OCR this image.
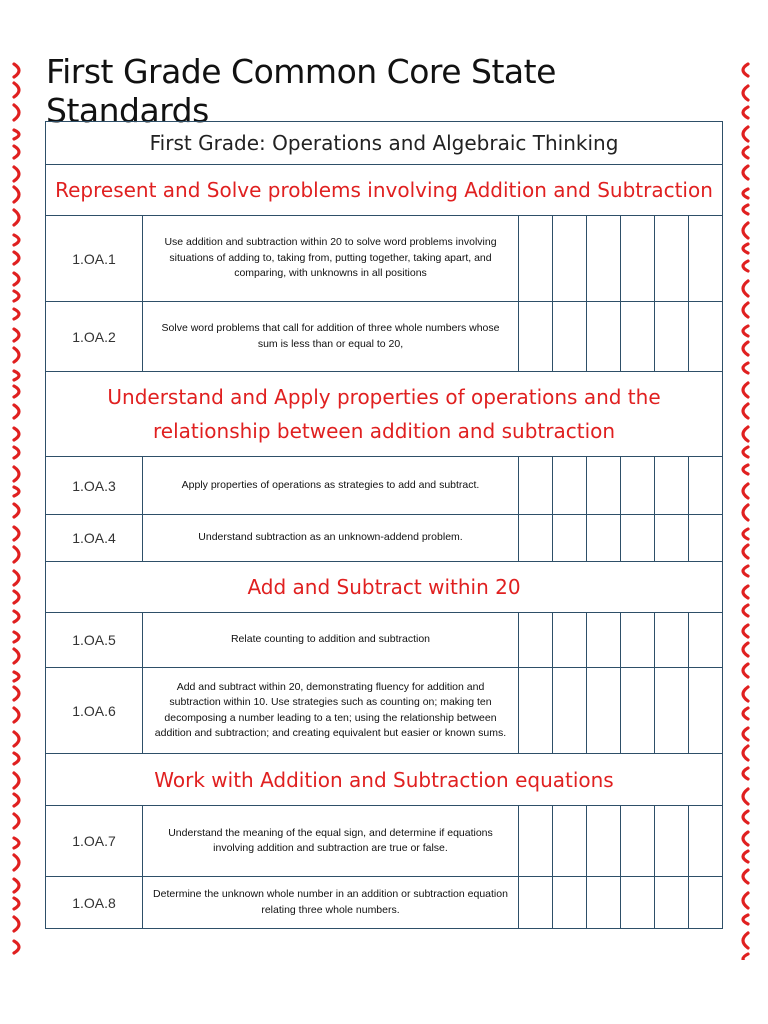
First Grade Common Core State Standards
First Grade: Operations and Algebraic Thinking							
Represent and Solve problems involving Addition and Subtraction							
1.OA.1	Use addition and subtraction within 20 to solve word problems involving situations of adding to, taking from, putting together, taking apart, and comparing, with unknowns in all positions						
1.OA.2	Solve word problems that call for addition of three whole numbers whose sum is less than or equal to 20,						
Understand and Apply properties of operations and the relationship between addition and subtraction							
1.OA.3	Apply properties of operations as strategies to add and subtract.						
1.OA.4	Understand subtraction as an unknown-addend problem.						
Add and Subtract within 20							
1.OA.5	Relate counting to addition and subtraction						
1.OA.6	Add and subtract within 20, demonstrating fluency for addition and subtraction within 10. Use strategies such as counting on; making ten decomposing a number leading to a ten; using the relationship between addition and subtraction; and creating equivalent but easier or known sums.						
Work with Addition and Subtraction equations							
1.OA.7	Understand the meaning of the equal sign, and determine if equations involving addition and subtraction are true or false.						
1.OA.8	Determine the unknown whole number in an addition or subtraction equation relating three whole numbers.						
